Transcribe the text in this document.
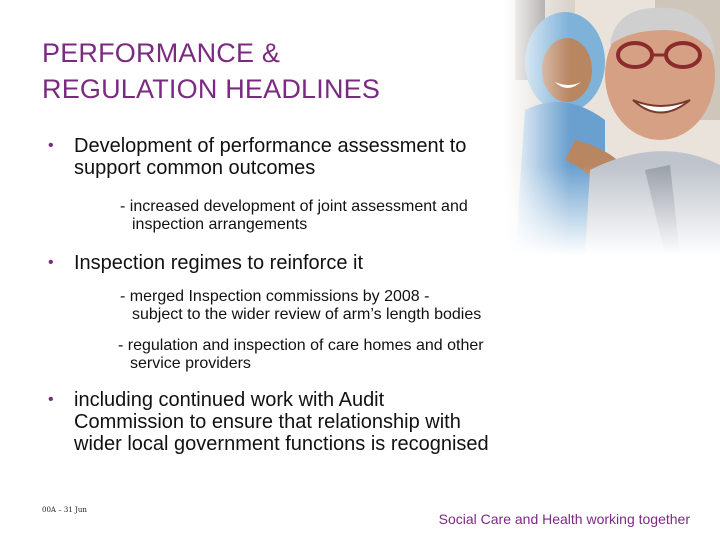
PERFORMANCE &
REGULATION HEADLINES
• Development of performance assessment to
support common outcomes
- increased development of joint assessment and
inspection arrangements
• Inspection regimes to reinforce it
- merged Inspection commissions by 2008 -
subject to the wider review of arm’s length bodies
- regulation and inspection of care homes and other
service providers
• including continued work with Audit
Commission to ensure that relationship with
wider local government functions is recognised
00A – 31 Jun
Social Care and Health working together
